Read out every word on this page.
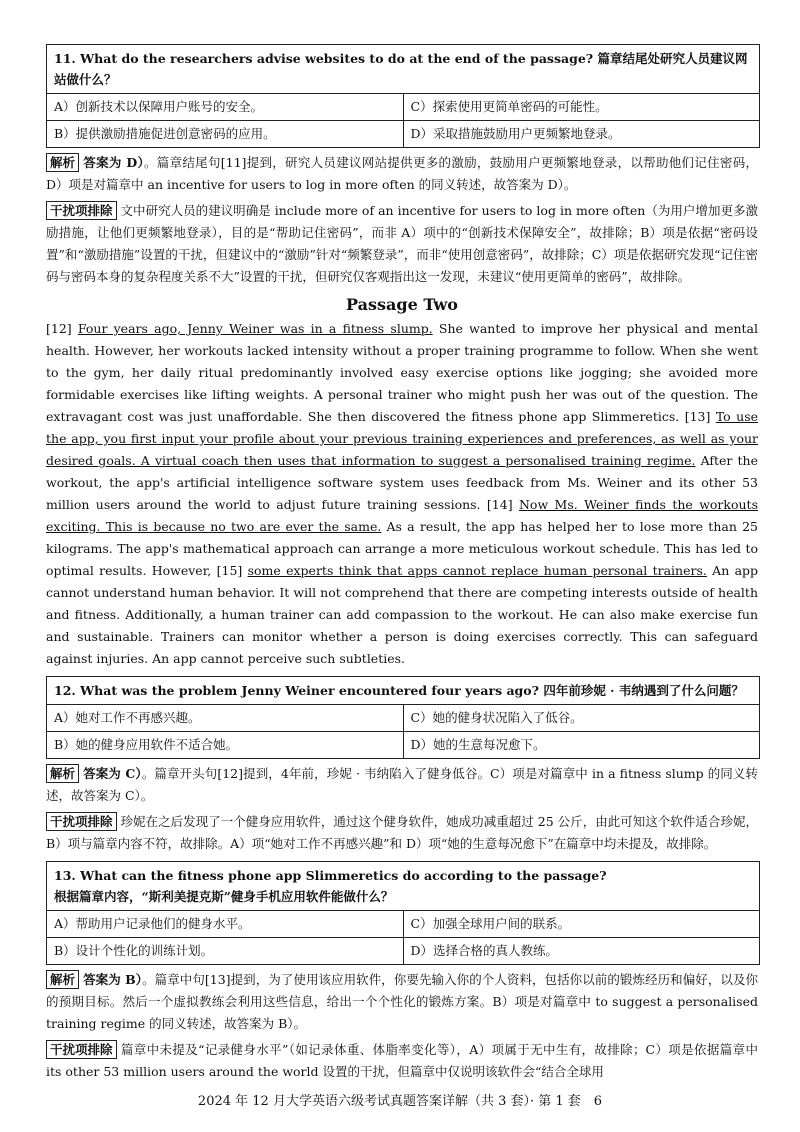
11. What do the researchers advise websites to do at the end of the passage? 篇章结尾处研究人员建议网站做什么？
A）创新技术以保障用户账号的安全。	C）探索使用更简单密码的可能性。
B）提供激励措施促进创意密码的应用。	D）采取措施鼓励用户更频繁地登录。
解析 答案为 D）。篇章结尾句[11]提到，研究人员建议网站提供更多的激励，鼓励用户更频繁地登录，以帮助他们记住密码，D）项是对篇章中 an incentive for users to log in more often 的同义转述，故答案为 D）。
干扰项排除 文中研究人员的建议明确是 include more of an incentive for users to log in more often（为用户增加更多激励措施，让他们更频繁地登录），目的是“帮助记住密码”，而非 A）项中的“创新技术保障安全”，故排除；B）项是依据“密码设置”和“激励措施”设置的干扰，但建议中的“激励”针对“频繁登录”，而非“使用创意密码”，故排除；C）项是依据研究发现“记住密码与密码本身的复杂程度关系不大”设置的干扰，但研究仅客观指出这一发现，未建议“使用更简单的密码”，故排除。
Passage Two

[12] Four years ago, Jenny Weiner was in a fitness slump. She wanted to improve her physical and mental health. However, her workouts lacked intensity without a proper training programme to follow. When she went to the gym, her daily ritual predominantly involved easy exercise options like jogging; she avoided more formidable exercises like lifting weights. A personal trainer who might push her was out of the question. The extravagant cost was just unaffordable. She then discovered the fitness phone app Slimmeretics. [13] To use the app, you first input your profile about your previous training experiences and preferences, as well as your desired goals. A virtual coach then uses that information to suggest a personalised training regime. After the workout, the app's artificial intelligence software system uses feedback from Ms. Weiner and its other 53 million users around the world to adjust future training sessions. [14] Now Ms. Weiner finds the workouts exciting. This is because no two are ever the same. As a result, the app has helped her to lose more than 25 kilograms. The app's mathematical approach can arrange a more meticulous workout schedule. This has led to optimal results. However, [15] some experts think that apps cannot replace human personal trainers. An app cannot understand human behavior. It will not comprehend that there are competing interests outside of health and fitness. Additionally, a human trainer can add compassion to the workout. He can also make exercise fun and sustainable. Trainers can monitor whether a person is doing exercises correctly. This can safeguard against injuries. An app cannot perceive such subtleties.

12. What was the problem Jenny Weiner encountered four years ago? 四年前珍妮 · 韦纳遇到了什么问题？
A）她对工作不再感兴趣。	C）她的健身状况陷入了低谷。
B）她的健身应用软件不适合她。	D）她的生意每况愈下。
解析 答案为 C）。篇章开头句[12]提到，4年前，珍妮 · 韦纳陷入了健身低谷。C）项是对篇章中 in a fitness slump 的同义转述，故答案为 C）。
干扰项排除 珍妮在之后发现了一个健身应用软件，通过这个健身软件，她成功减重超过 25 公斤，由此可知这个软件适合珍妮，B）项与篇章内容不符，故排除。A）项“她对工作不再感兴趣”和 D）项“她的生意每况愈下”在篇章中均未提及，故排除。
13. What can the fitness phone app Slimmeretics do according to the passage?
根据篇章内容，“斯利美提克斯”健身手机应用软件能做什么？
A）帮助用户记录他们的健身水平。	C）加强全球用户间的联系。
B）设计个性化的训练计划。	D）选择合格的真人教练。
解析 答案为 B）。篇章中句[13]提到，为了使用该应用软件，你要先输入你的个人资料，包括你以前的锻炼经历和偏好，以及你的预期目标。然后一个虚拟教练会利用这些信息，给出一个个性化的锻炼方案。B）项是对篇章中 to suggest a personalised training regime 的同义转述，故答案为 B）。
干扰项排除 篇章中未提及“记录健身水平”（如记录体重、体脂率变化等），A）项属于无中生有，故排除；C）项是依据篇章中 its other 53 million users around the world 设置的干扰，但篇章中仅说明该软件会“结合全球用
2024 年 12 月大学英语六级考试真题答案详解（共 3 套）· 第 1 套　6
